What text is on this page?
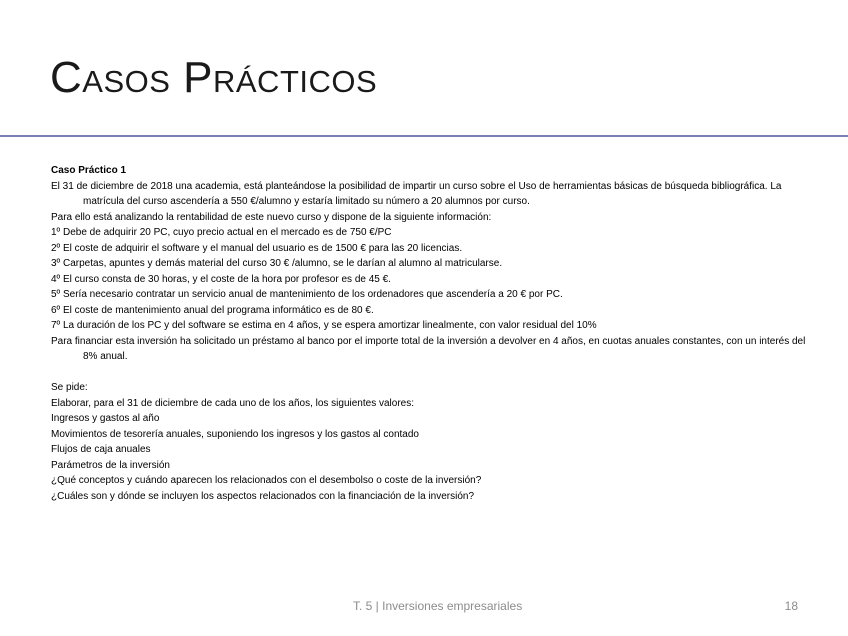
Casos Prácticos

Caso Práctico 1

El 31 de diciembre de 2018 una academia, está planteándose la posibilidad de impartir un curso sobre el Uso de herramientas básicas de búsqueda bibliográfica. La matrícula del curso ascendería a 550 €/alumno y estaría limitado su número a 20 alumnos por curso.

Para ello está analizando la rentabilidad de este nuevo curso y dispone de la siguiente información:

1º Debe de adquirir 20 PC, cuyo precio actual en el mercado es de 750 €/PC

2º El coste de adquirir el software y el manual del usuario es de 1500 € para las 20 licencias.

3º Carpetas, apuntes y demás material del curso 30 € /alumno, se le darían al alumno al matricularse.

4º El curso consta de 30 horas, y el coste de la hora por profesor es de 45 €.

5º Sería necesario contratar un servicio anual de mantenimiento de los ordenadores que ascendería a 20 € por PC.

6º El coste de mantenimiento anual del programa informático es de 80 €.

7º La duración de los PC y del software se estima en 4 años, y se espera amortizar linealmente, con valor residual del 10%

Para financiar esta inversión ha solicitado un préstamo al banco por el importe total de la inversión a devolver en 4 años, en cuotas anuales constantes, con un interés del 8% anual.

Se pide:

Elaborar, para el 31 de diciembre de cada uno de los años, los siguientes valores:

Ingresos y gastos al año

Movimientos de tesorería anuales, suponiendo los ingresos y los gastos al contado

Flujos de caja anuales

Parámetros de la inversión

¿Qué conceptos y cuándo aparecen los relacionados con el desembolso o coste de la inversión?

¿Cuáles son y dónde se incluyen los aspectos relacionados con la financiación de la inversión?

T. 5 | Inversiones empresariales	18
